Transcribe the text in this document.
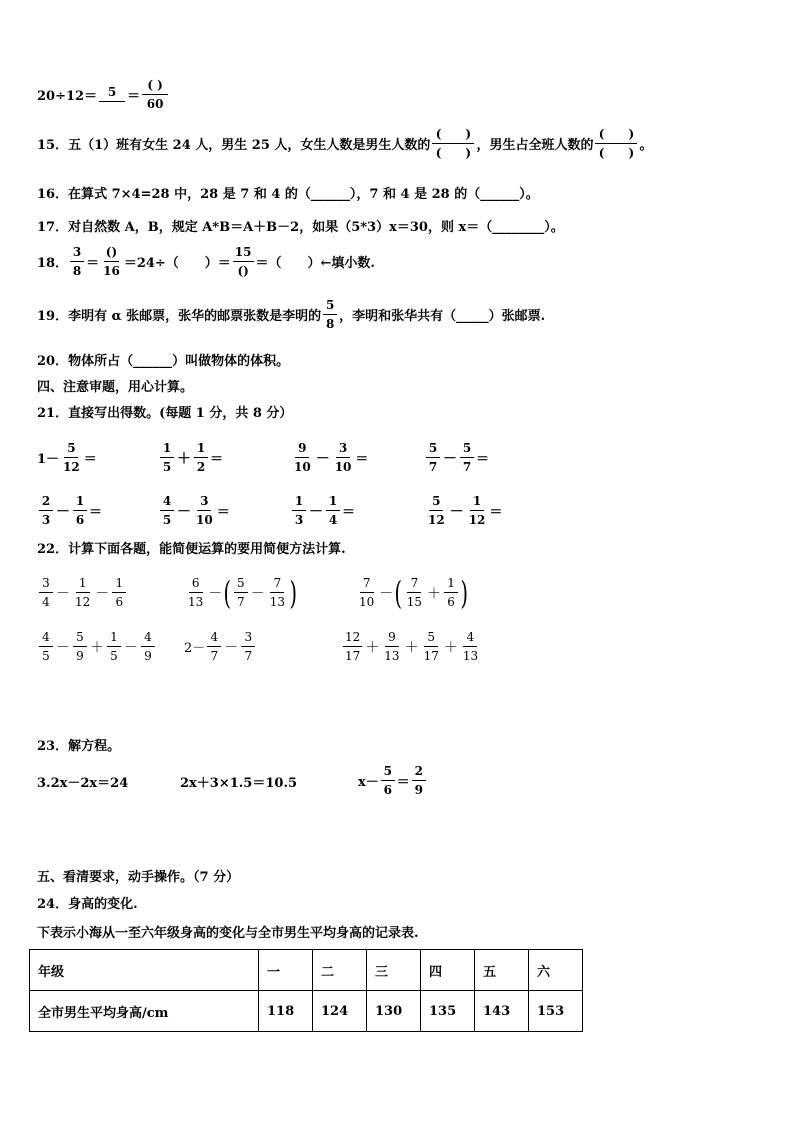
$20\div 12= 5 = \frac{( )}{60}$
15． 五（1）班有女生 24 人，男生 25 人，女生人数是男生人数的 $\frac{( )}{( )}$ ，男生占全班人数的 $\frac{( )}{( )}$ 。
16．在算式 7×4=28 中，28 是 7 和 4 的（______），7 和 4 是 28 的（______）。
17．对自然数 A，B，规定 A*B＝A＋B－2，如果（5*3）x＝30，则 x＝（________）。
18． $\frac{3}{8} = \frac{()}{16} =24\div$（　　）＝ $\frac{15}{()}$ ＝（　　）←填小数.
19．李明有 α 张邮票，张华的邮票张数是李明的 $\frac{5}{8}$ ，李明和张华共有（_____）张邮票.
20．物体所占（______）叫做物体的体积。
四、注意审题，用心计算。
21．直接写出得数。(每题 1 分，共 8 分）
$1- \frac{5}{12}$ ＝	$\frac{1}{5} + \frac{1}{2}$ ＝	$\frac{9}{10} - \frac{3}{10}$ ＝	$\frac{5}{7} - \frac{5}{7}$ ＝
$\frac{2}{3} - \frac{1}{6}$ ＝	$\frac{4}{5} - \frac{3}{10}$ ＝	$\frac{1}{3} - \frac{1}{4}$ ＝	$\frac{5}{12} - \frac{1}{12}$ ＝
22．计算下面各题，能简便运算的要用简便方法计算.
$\frac{3}{4} - \frac{1}{12} - \frac{1}{6}$	$\frac{6}{13}$ － ( $\frac{5}{7} - \frac{7}{13}$ )	$\frac{7}{10}$ － ( $\frac{7}{15} + \frac{1}{6}$ )
$\frac{4}{5} - \frac{5}{9} + \frac{1}{5} - \frac{4}{9} 2- \frac{4}{7} - \frac{3}{7}$	$\frac{12}{17} + \frac{9}{13} + \frac{5}{17} + \frac{4}{13}$
23．解方程。
3.2x－2x＝24	2x＋3×1.5＝10.5	$x- \frac{5}{6} = \frac{2}{9}$
五、看清要求，动手操作。（7 分）
24．身高的变化.
下表示小海从一至六年级身高的变化与全市男生平均身高的记录表.
年级	一	二	三	四	五	六
全市男生平均身高/cm	118	124	130	135	143	153
